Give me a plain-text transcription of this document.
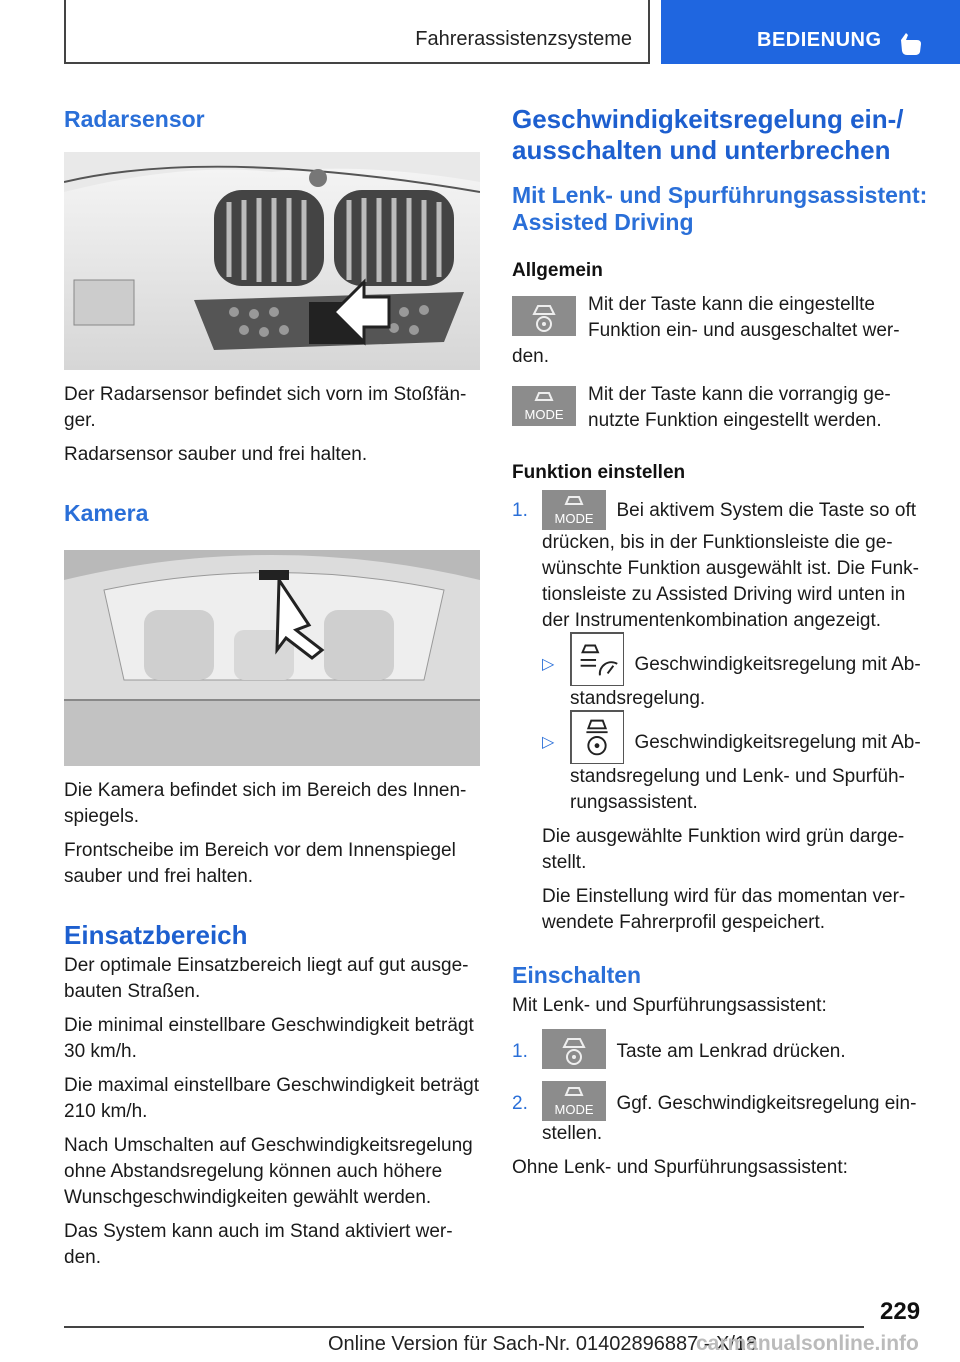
Fahrerassistenzsysteme	BEDIENUNG
Radarsensor
Der Radarsensor befindet sich vorn im Stoßfän-ger.
Radarsensor sauber und frei halten.
Kamera
Die Kamera befindet sich im Bereich des Innen-spiegels.
Frontscheibe im Bereich vor dem Innenspiegel sauber und frei halten.
Einsatzbereich
Der optimale Einsatzbereich liegt auf gut ausge-bauten Straßen.
Die minimal einstellbare Geschwindigkeit beträgt 30 km/h.
Die maximal einstellbare Geschwindigkeit beträgt 210 km/h.
Nach Umschalten auf Geschwindigkeitsregelung ohne Abstandsregelung können auch höhere Wunschgeschwindigkeiten gewählt werden.
Das System kann auch im Stand aktiviert wer-den.
Geschwindigkeitsregelung ein-/ ausschalten und unterbrechen
Mit Lenk- und Spurführungsassistent: Assisted Driving
Allgemein
Mit der Taste kann die eingestellte Funktion ein- und ausgeschaltet wer-den.
MODE
Mit der Taste kann die vorrangig ge-nutzte Funktion eingestellt werden.
Funktion einstellen
1. MODE Bei aktivem System die Taste so oft drücken, bis in der Funktionsleiste die ge-wünschte Funktion ausgewählt ist. Die Funk-tionsleiste zu Assisted Driving wird unten in der Instrumentenkombination angezeigt.
▷	Geschwindigkeitsregelung mit Ab-standsregelung.
▷	Geschwindigkeitsregelung mit Ab-standsregelung und Lenk- und Spurfüh-rungsassistent.
Die ausgewählte Funktion wird grün darge-stellt.
Die Einstellung wird für das momentan ver-wendete Fahrerprofil gespeichert.
Einschalten
Mit Lenk- und Spurführungsassistent:
1.	Taste am Lenkrad drücken.
2. MODE Ggf. Geschwindigkeitsregelung ein-stellen.
Ohne Lenk- und Spurführungsassistent:
229
Online Version für Sach-Nr. 01402896887 - X/18
carmanualsonline.info
